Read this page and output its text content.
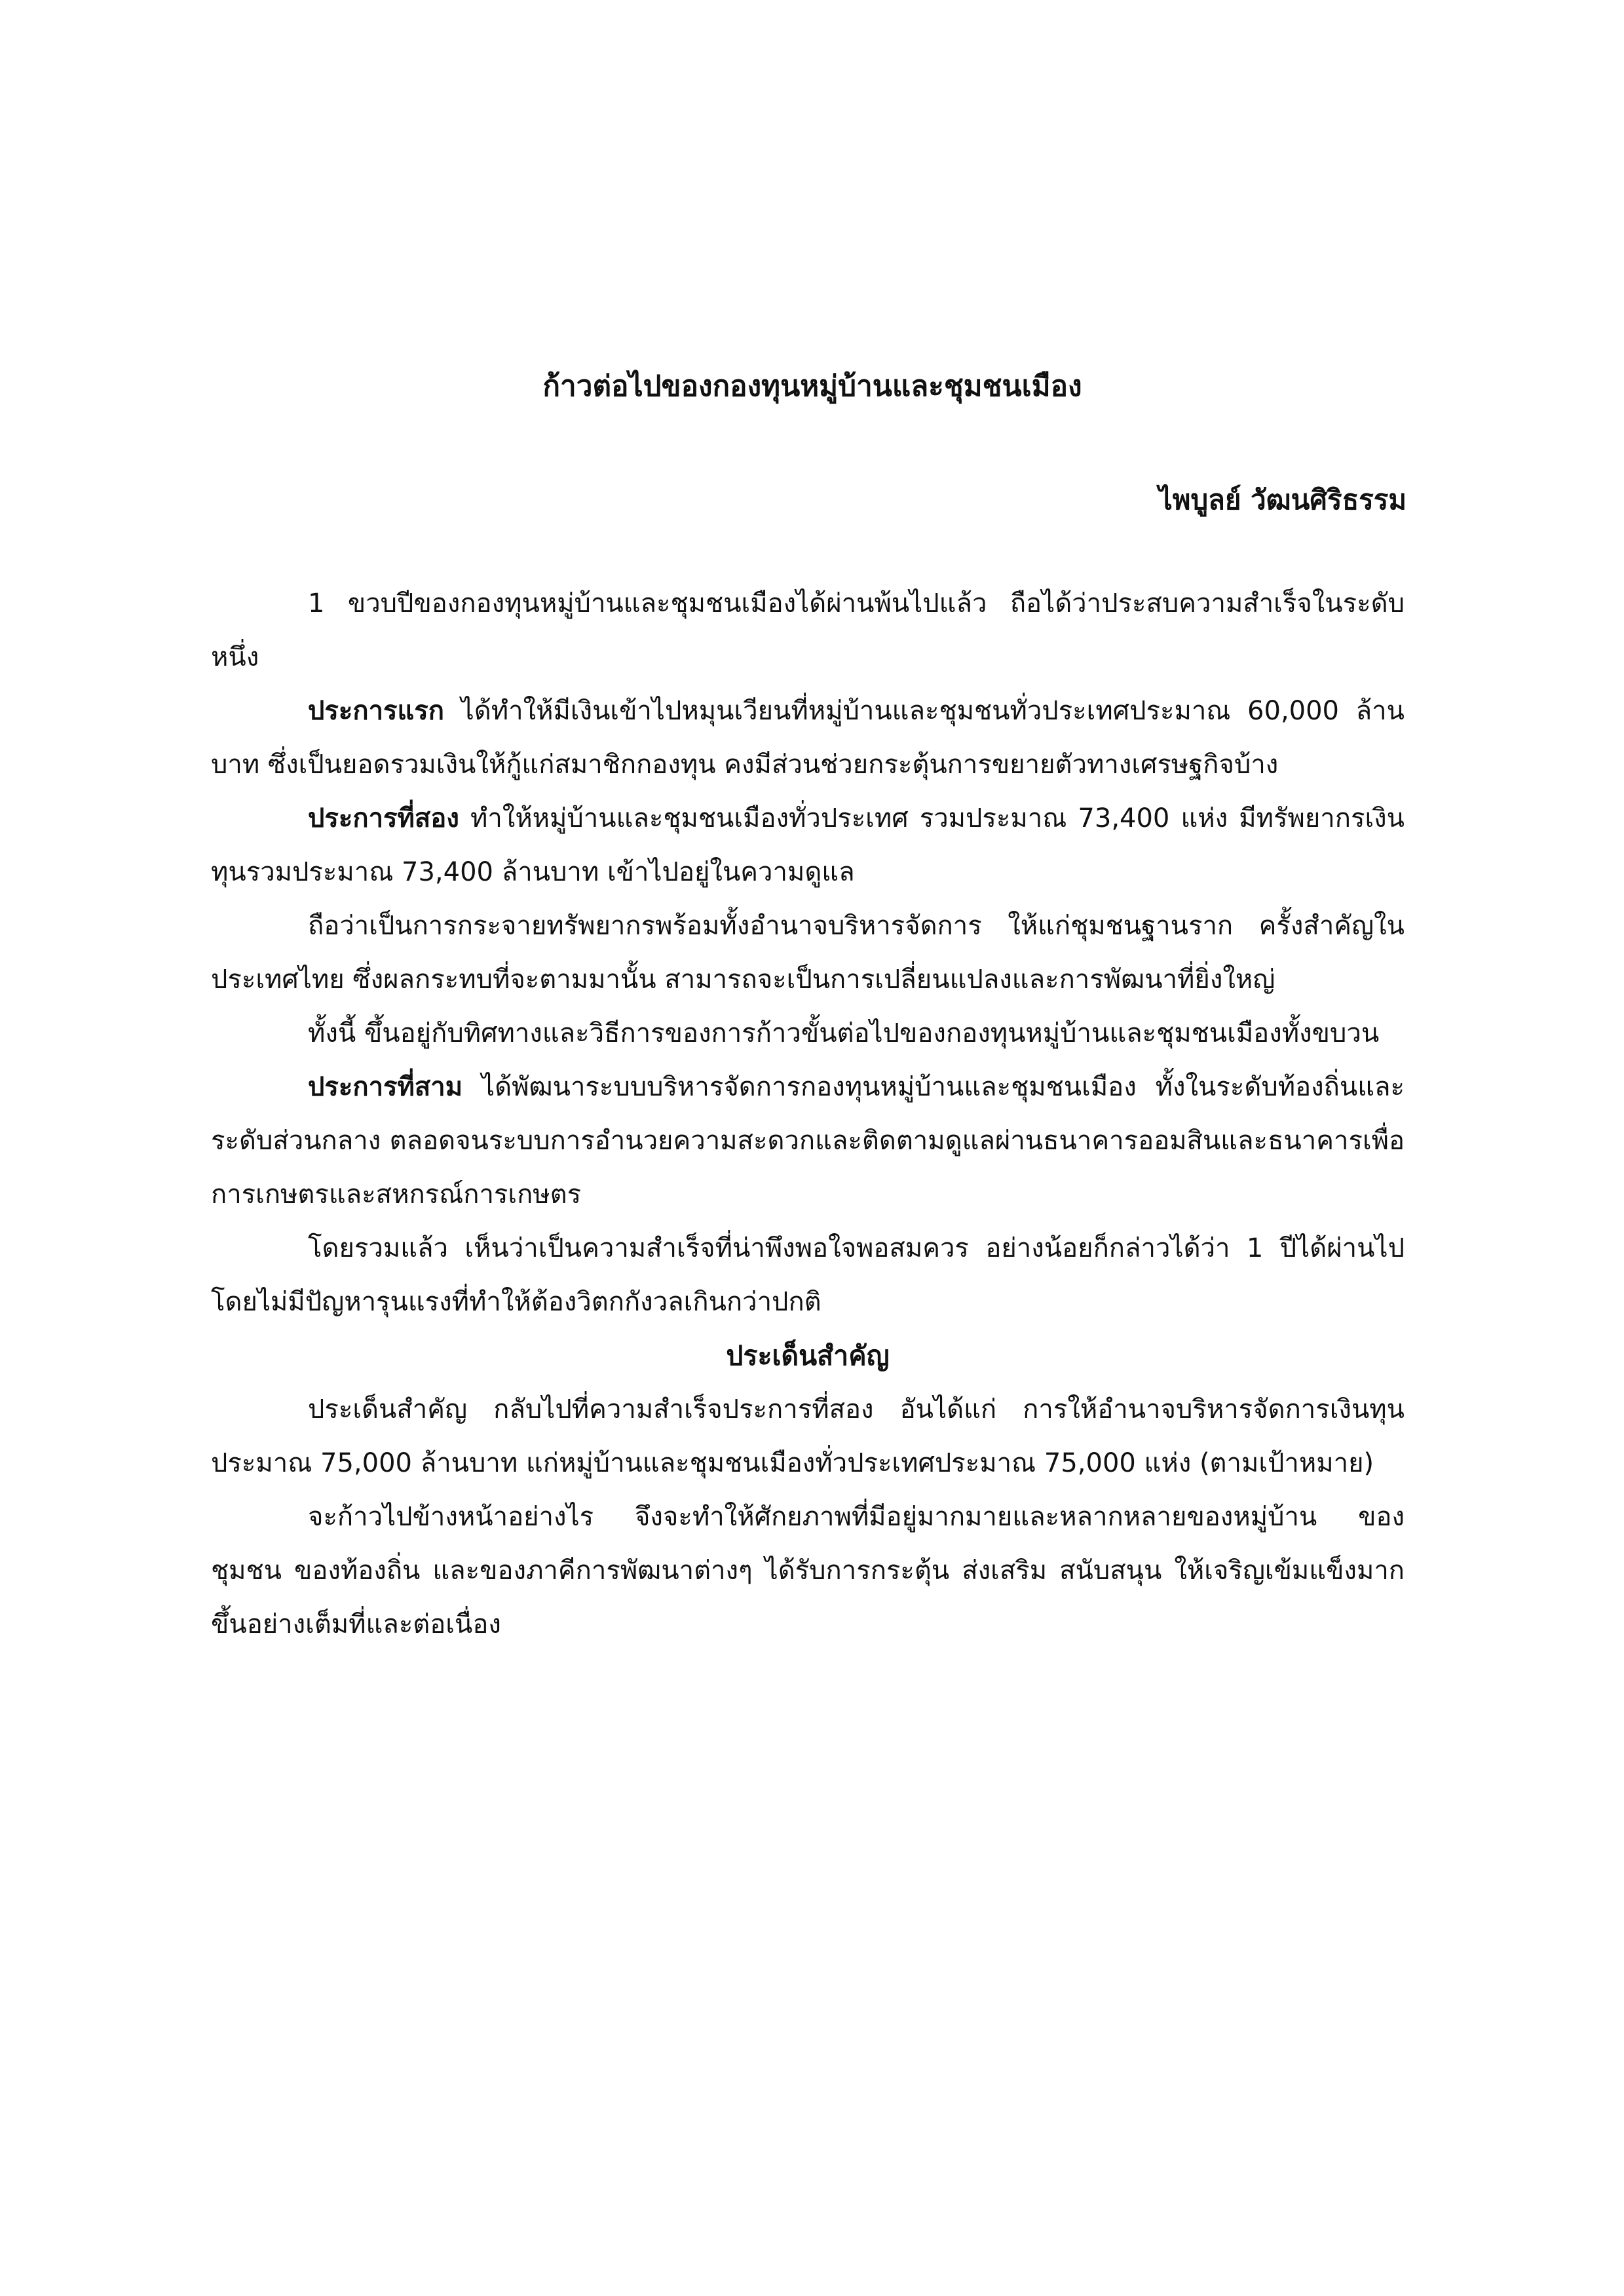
ก้าวต่อไปของกองทุนหมู่บ้านและชุมชนเมือง

ไพบูลย์ วัฒนศิริธรรม

1 ขวบปีของกองทุนหมู่บ้านและชุมชนเมืองได้ผ่านพ้นไปแล้ว ถือได้ว่าประสบความสำเร็จในระดับหนึ่ง

ประการแรก ได้ทำให้มีเงินเข้าไปหมุนเวียนที่หมู่บ้านและชุมชนทั่วประเทศประมาณ 60,000 ล้านบาท ซึ่งเป็นยอดรวมเงินให้กู้แก่สมาชิกกองทุน คงมีส่วนช่วยกระตุ้นการขยายตัวทางเศรษฐกิจบ้าง

ประการที่สอง ทำให้หมู่บ้านและชุมชนเมืองทั่วประเทศ รวมประมาณ 73,400 แห่ง มีทรัพยากรเงินทุนรวมประมาณ 73,400 ล้านบาท เข้าไปอยู่ในความดูแล

ถือว่าเป็นการกระจายทรัพยากรพร้อมทั้งอำนาจบริหารจัดการ ให้แก่ชุมชนฐานราก ครั้งสำคัญในประเทศไทย ซึ่งผลกระทบที่จะตามมานั้น สามารถจะเป็นการเปลี่ยนแปลงและการพัฒนาที่ยิ่งใหญ่

ทั้งนี้ ขึ้นอยู่กับทิศทางและวิธีการของการก้าวขั้นต่อไปของกองทุนหมู่บ้านและชุมชนเมืองทั้งขบวน

ประการที่สาม ได้พัฒนาระบบบริหารจัดการกองทุนหมู่บ้านและชุมชนเมือง ทั้งในระดับท้องถิ่นและระดับส่วนกลาง ตลอดจนระบบการอำนวยความสะดวกและติดตามดูแลผ่านธนาคารออมสินและธนาคารเพื่อการเกษตรและสหกรณ์การเกษตร

โดยรวมแล้ว เห็นว่าเป็นความสำเร็จที่น่าพึงพอใจพอสมควร อย่างน้อยก็กล่าวได้ว่า 1 ปีได้ผ่านไป โดยไม่มีปัญหารุนแรงที่ทำให้ต้องวิตกกังวลเกินกว่าปกติ

ประเด็นสำคัญ

ประเด็นสำคัญ กลับไปที่ความสำเร็จประการที่สอง อันได้แก่ การให้อำนาจบริหารจัดการเงินทุนประมาณ 75,000 ล้านบาท แก่หมู่บ้านและชุมชนเมืองทั่วประเทศประมาณ 75,000 แห่ง (ตามเป้าหมาย)

จะก้าวไปข้างหน้าอย่างไร จึงจะทำให้ศักยภาพที่มีอยู่มากมายและหลากหลายของหมู่บ้าน ของชุมชน ของท้องถิ่น และของภาคีการพัฒนาต่างๆ ได้รับการกระตุ้น ส่งเสริม สนับสนุน ให้เจริญเข้มแข็งมากขึ้นอย่างเต็มที่และต่อเนื่อง
